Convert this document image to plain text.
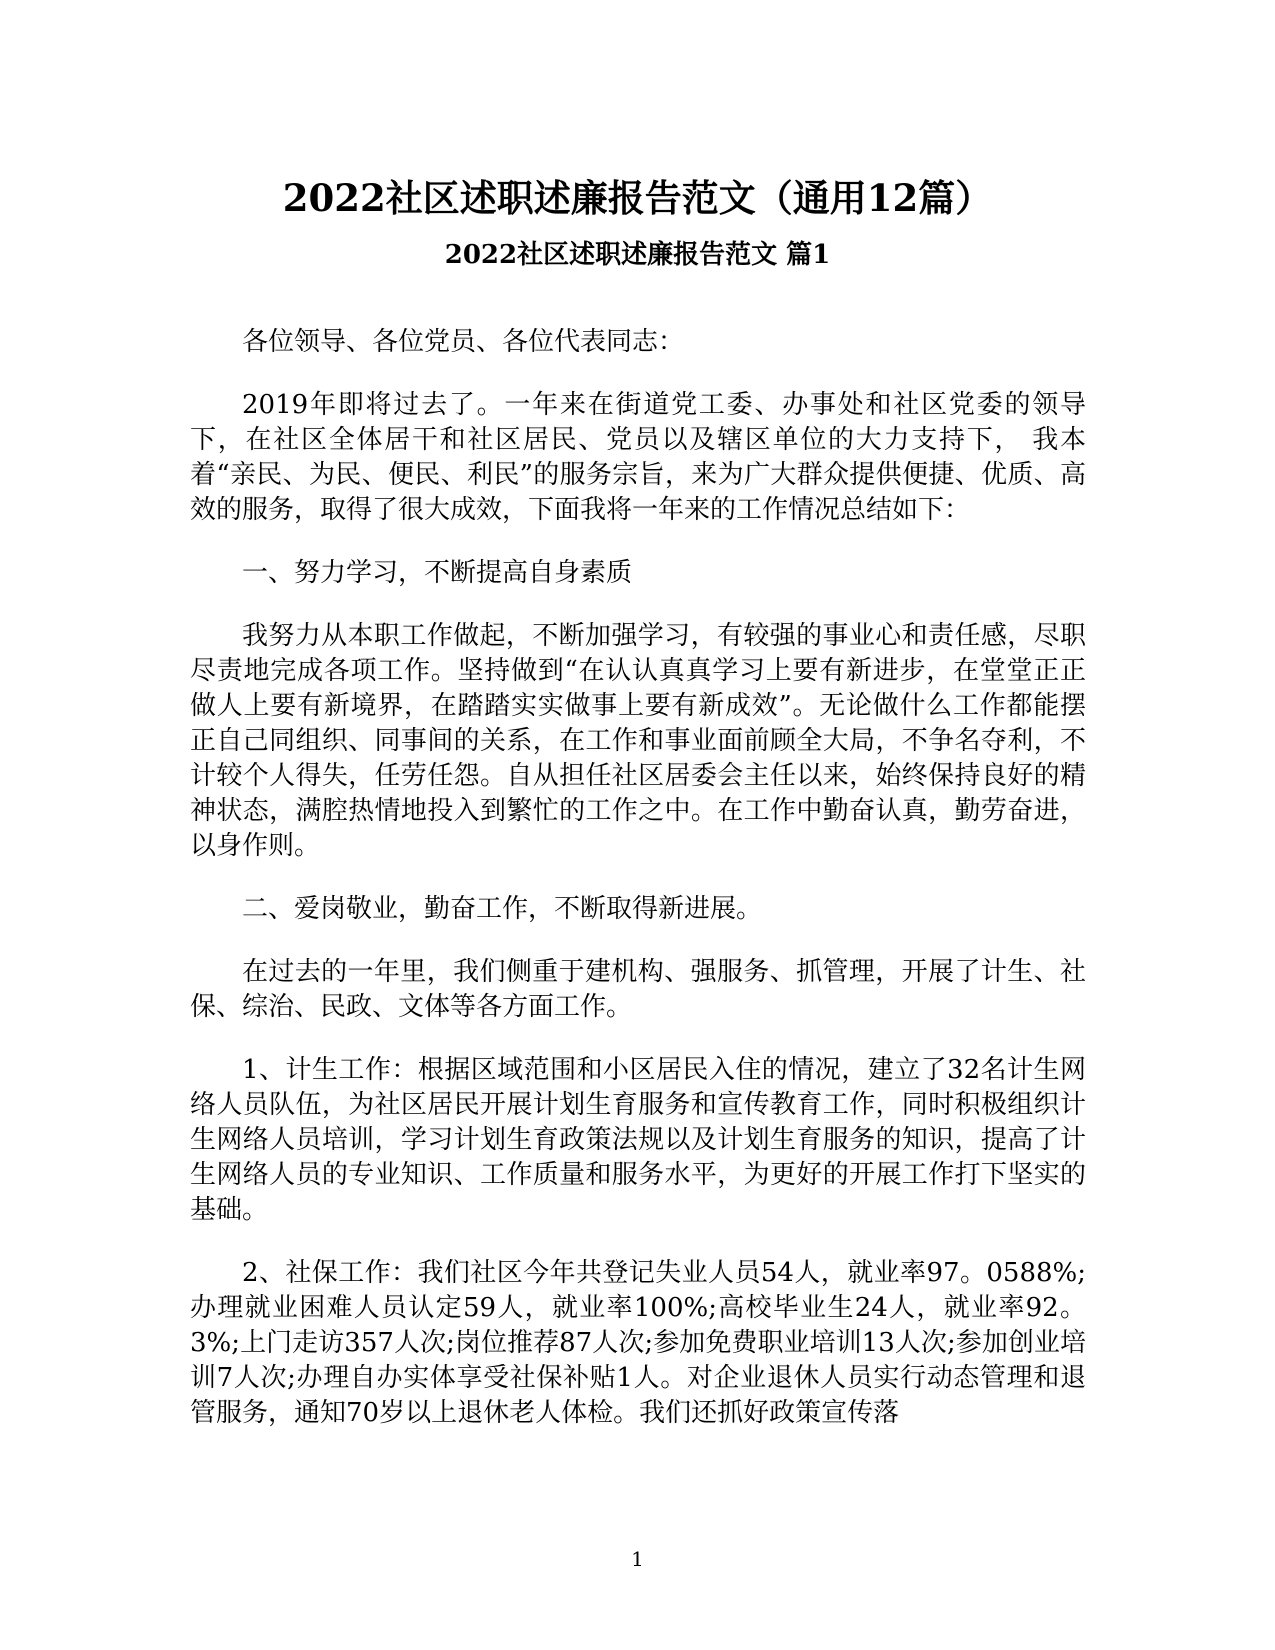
2022社区述职述廉报告范文（通用12篇）
2022社区述职述廉报告范文 篇1

各位领导、各位党员、各位代表同志：

2019年即将过去了。一年来在街道党工委、办事处和社区党委的领导下，在社区全体居干和社区居民、党员以及辖区单位的大力支持下， 我本着“亲民、为民、便民、利民”的服务宗旨，来为广大群众提供便捷、优质、高效的服务，取得了很大成效，下面我将一年来的工作情况总结如下：

一、努力学习，不断提高自身素质

我努力从本职工作做起，不断加强学习，有较强的事业心和责任感，尽职尽责地完成各项工作。坚持做到“在认认真真学习上要有新进步，在堂堂正正做人上要有新境界，在踏踏实实做事上要有新成效”。无论做什么工作都能摆正自己同组织、同事间的关系，在工作和事业面前顾全大局，不争名夺利，不计较个人得失，任劳任怨。自从担任社区居委会主任以来，始终保持良好的精神状态，满腔热情地投入到繁忙的工作之中。在工作中勤奋认真，勤劳奋进，以身作则。

二、爱岗敬业，勤奋工作，不断取得新进展。

在过去的一年里，我们侧重于建机构、强服务、抓管理，开展了计生、社保、综治、民政、文体等各方面工作。

1、计生工作：根据区域范围和小区居民入住的情况，建立了32名计生网络人员队伍，为社区居民开展计划生育服务和宣传教育工作，同时积极组织计生网络人员培训，学习计划生育政策法规以及计划生育服务的知识，提高了计生网络人员的专业知识、工作质量和服务水平，为更好的开展工作打下坚实的基础。

2、社保工作：我们社区今年共登记失业人员54人，就业率97。0588%;办理就业困难人员认定59人，就业率100%;高校毕业生24人，就业率92。3%;上门走访357人次;岗位推荐87人次;参加免费职业培训13人次;参加创业培训7人次;办理自办实体享受社保补贴1人。对企业退休人员实行动态管理和退管服务，通知70岁以上退休老人体检。我们还抓好政策宣传落

1
